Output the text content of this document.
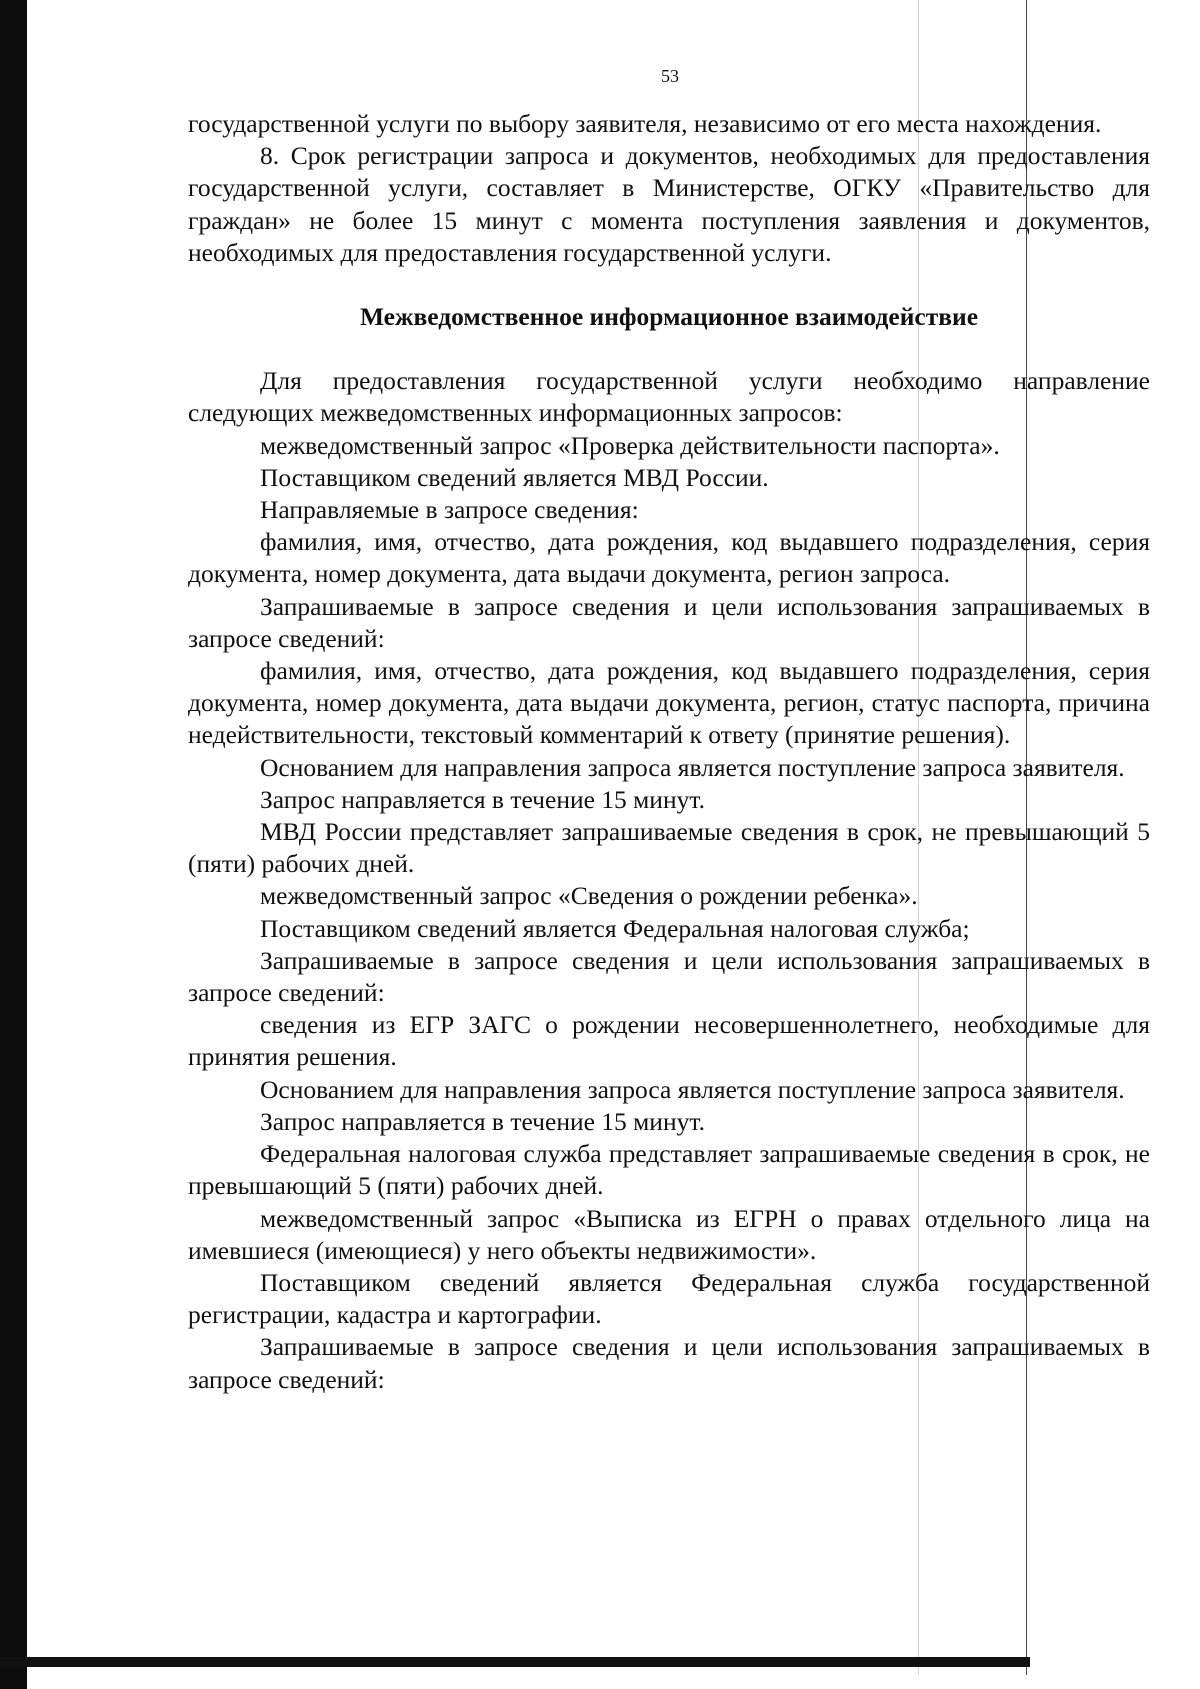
53

государственной услуги по выбору заявителя, независимо от его места нахождения.

8. Срок регистрации запроса и документов, необходимых для предоставления государственной услуги, составляет в Министерстве, ОГКУ «Правительство для граждан» не более 15 минут с момента поступления заявления и документов, необходимых для предоставления государственной услуги.

Межведомственное информационное взаимодействие

Для предоставления государственной услуги необходимо направление следующих межведомственных информационных запросов:

межведомственный запрос «Проверка действительности паспорта».

Поставщиком сведений является МВД России.

Направляемые в запросе сведения:

фамилия, имя, отчество, дата рождения, код выдавшего подразделения, серия документа, номер документа, дата выдачи документа, регион запроса.

Запрашиваемые в запросе сведения и цели использования запрашиваемых в запросе сведений:

фамилия, имя, отчество, дата рождения, код выдавшего подразделения, серия документа, номер документа, дата выдачи документа, регион, статус паспорта, причина недействительности, текстовый комментарий к ответу (принятие решения).

Основанием для направления запроса является поступление запроса заявителя.

Запрос направляется в течение 15 минут.

МВД России представляет запрашиваемые сведения в срок, не превышающий 5 (пяти) рабочих дней.

межведомственный запрос «Сведения о рождении ребенка».

Поставщиком сведений является Федеральная налоговая служба;

Запрашиваемые в запросе сведения и цели использования запрашиваемых в запросе сведений:

сведения из ЕГР ЗАГС о рождении несовершеннолетнего, необходимые для принятия решения.

Основанием для направления запроса является поступление запроса заявителя.

Запрос направляется в течение 15 минут.

Федеральная налоговая служба представляет запрашиваемые сведения в срок, не превышающий 5 (пяти) рабочих дней.

межведомственный запрос «Выписка из ЕГРН о правах отдельного лица на имевшиеся (имеющиеся) у него объекты недвижимости».

Поставщиком сведений является Федеральная служба государственной регистрации, кадастра и картографии.

Запрашиваемые в запросе сведения и цели использования запрашиваемых в запросе сведений:
